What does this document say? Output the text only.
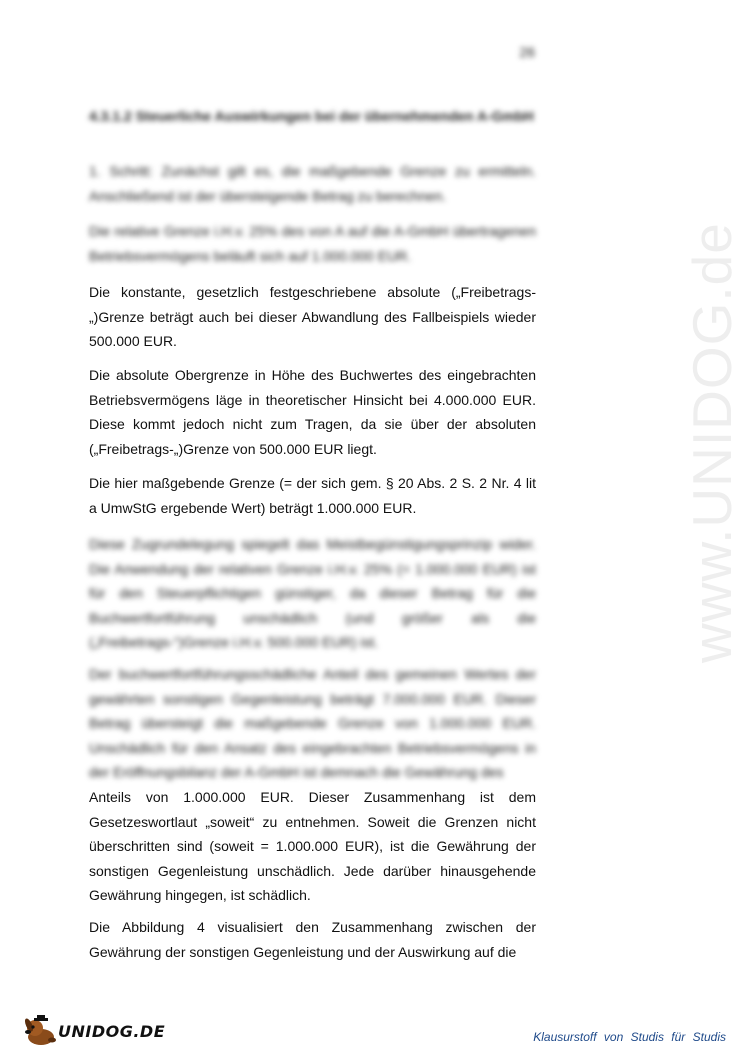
26
4.3.1.2 Steuerliche Auswirkungen bei der übernehmenden A-GmbH
1. Schritt: Zunächst gilt es, die maßgebende Grenze zu ermitteln. Anschließend ist der übersteigende Betrag zu berechnen.
Die relative Grenze i.H.v. 25% des von A auf die A-GmbH übertragenen Betriebsvermögens beläuft sich auf 1.000.000 EUR.
Die konstante, gesetzlich festgeschriebene absolute („Freibetrags-„)Grenze beträgt auch bei dieser Abwandlung des Fallbeispiels wieder 500.000 EUR.
Die absolute Obergrenze in Höhe des Buchwertes des eingebrachten Betriebsvermögens läge in theoretischer Hinsicht bei 4.000.000 EUR. Diese kommt jedoch nicht zum Tragen, da sie über der absoluten („Freibetrags-„)Grenze von 500.000 EUR liegt.
Die hier maßgebende Grenze (= der sich gem. § 20 Abs. 2 S. 2 Nr. 4 lit a UmwStG ergebende Wert) beträgt 1.000.000 EUR.
Diese Zugrundelegung spiegelt das Meistbegünstigungsprinzip wider. Die Anwendung der relativen Grenze i.H.v. 25% (= 1.000.000 EUR) ist für den Steuerpflichtigen günstiger, da dieser Betrag für die Buchwertfortführung unschädlich (und größer als die („Freibetrags-“)Grenze i.H.v. 500.000 EUR) ist.
Der buchwertfortführungsschädliche Anteil des gemeinen Wertes der gewährten sonstigen Gegenleistung beträgt 7.000.000 EUR. Dieser Betrag übersteigt die maßgebende Grenze von 1.000.000 EUR. Unschädlich für den Ansatz des eingebrachten Betriebsvermögens in der Eröffnungsbilanz der A-GmbH ist demnach die Gewährung des
Anteils von 1.000.000 EUR. Dieser Zusammenhang ist dem Gesetzeswortlaut „soweit“ zu entnehmen. Soweit die Grenzen nicht überschritten sind (soweit = 1.000.000 EUR), ist die Gewährung der sonstigen Gegenleistung unschädlich. Jede darüber hinausgehende Gewährung hingegen, ist schädlich.
Die Abbildung 4 visualisiert den Zusammenhang zwischen der Gewährung der sonstigen Gegenleistung und der Auswirkung auf die
www.UNIDOG.de
UNIDOG.DE	Klausurstoff von Studis für Studis
